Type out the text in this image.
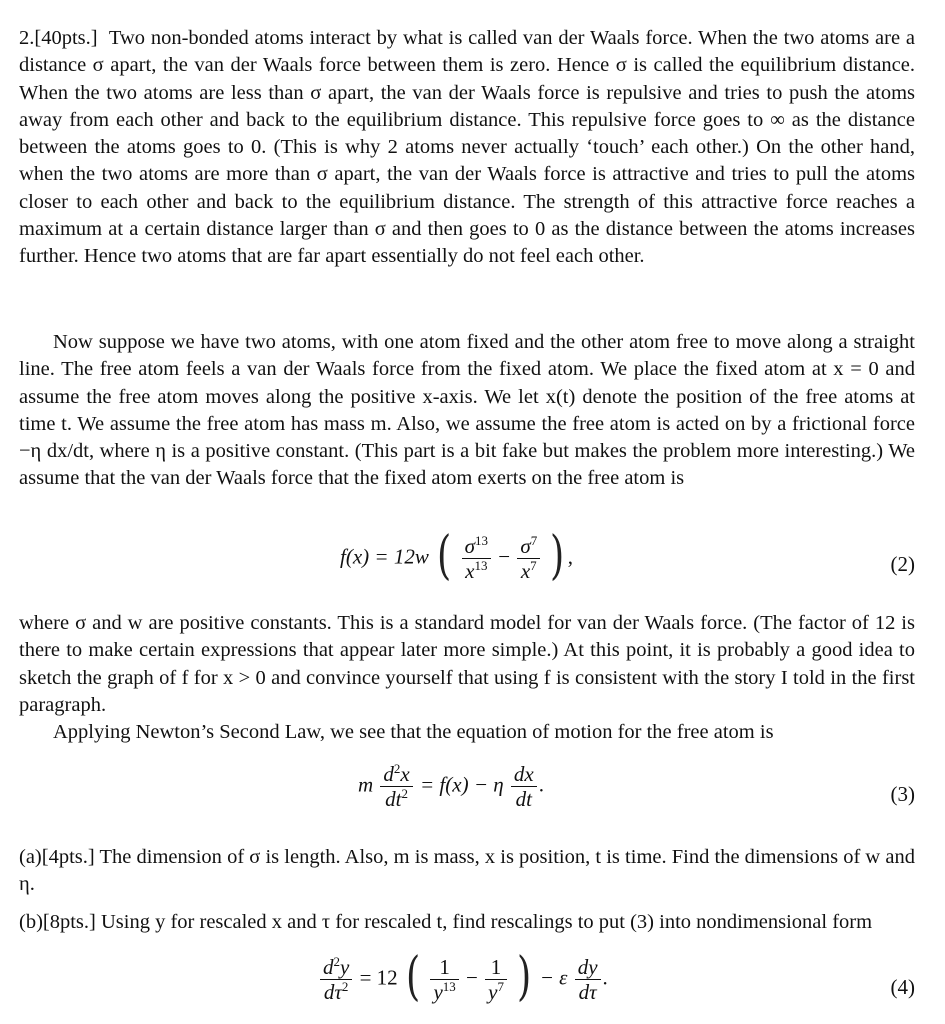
2.[40pts.] Two non-bonded atoms interact by what is called van der Waals force. When the two atoms are a distance σ apart, the van der Waals force between them is zero. Hence σ is called the equilibrium distance. When the two atoms are less than σ apart, the van der Waals force is repulsive and tries to push the atoms away from each other and back to the equilibrium distance. This repulsive force goes to ∞ as the distance between the atoms goes to 0. (This is why 2 atoms never actually ‘touch’ each other.) On the other hand, when the two atoms are more than σ apart, the van der Waals force is attractive and tries to pull the atoms closer to each other and back to the equilibrium distance. The strength of this attractive force reaches a maximum at a certain distance larger than σ and then goes to 0 as the distance between the atoms increases further. Hence two atoms that are far apart essentially do not feel each other.
Now suppose we have two atoms, with one atom fixed and the other atom free to move along a straight line. The free atom feels a van der Waals force from the fixed atom. We place the fixed atom at x = 0 and assume the free atom moves along the positive x-axis. We let x(t) denote the position of the free atoms at time t. We assume the free atom has mass m. Also, we assume the free atom is acted on by a frictional force −η dx/dt, where η is a positive constant. (This part is a bit fake but makes the problem more interesting.) We assume that the van der Waals force that the fixed atom exerts on the free atom is
f(x) = 12w ( $\frac{\sigma^{13}}{x^{13}} - \frac{\sigma^7}{x^7}$ ) ,	(2)
where σ and w are positive constants. This is a standard model for van der Waals force. (The factor of 12 is there to make certain expressions that appear later more simple.) At this point, it is probably a good idea to sketch the graph of f for x > 0 and convince yourself that using f is consistent with the story I told in the first paragraph.
Applying Newton’s Second Law, we see that the equation of motion for the free atom is
m $\frac{d^2x}{dt^2} = f(x) - \eta \frac{dx}{dt}$ .	(3)
(a)[4pts.] The dimension of σ is length. Also, m is mass, x is position, t is time. Find the dimensions of w and η.
(b)[8pts.] Using y for rescaled x and τ for rescaled t, find rescalings to put (3) into nondimensional form
$\frac{d^2y}{d\tau^2} = 12$ ( $\frac{1}{y^{13}} - \frac{1}{y^7}$ ) − ε $\frac{dy}{d\tau}$ .	(4)
